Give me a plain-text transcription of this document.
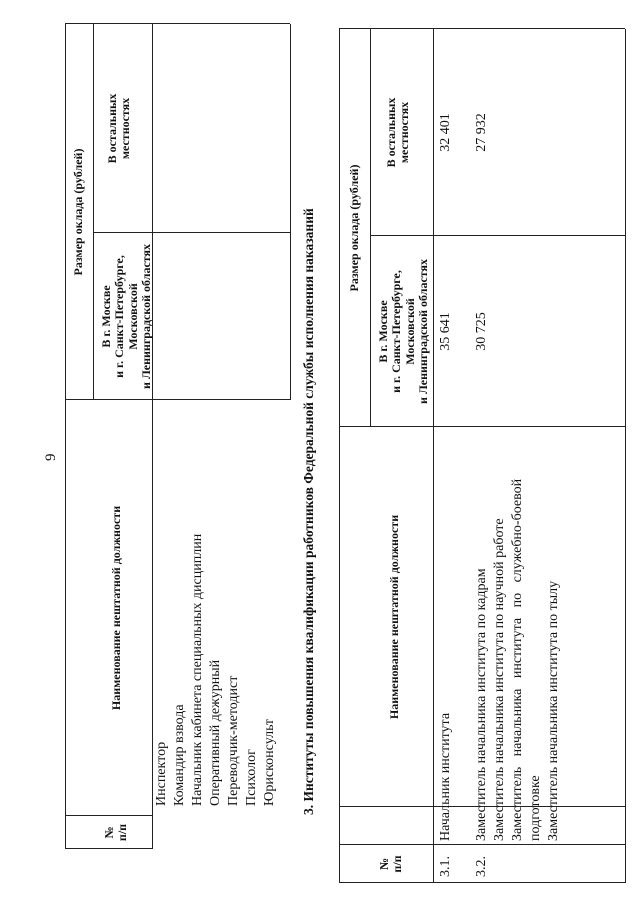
9
№
п/п
Наименование нештатной должности
Размер оклада (рублей)
В г. Москве
и г. Санкт-Петербурге,
Московской
и Ленинградской областях
В остальных
местностях
Инспектор Командир взвода Начальник кабинета специальных дисциплин Оперативный дежурный Переводчик-методист Психолог Юрисконсульт 3. Институты повышения квалификации работников Федеральной службы исполнения наказаний
№
п/п
Наименование нештатной должности
Размер оклада (рублей)
В г. Москве
и г. Санкт-Петербурге,
Московской
и Ленинградской областях
В остальных
местностях
3.1.
Начальник института
35 641
32 401
3.2.
Заместитель начальника института по кадрам Заместитель начальника института по научной работе Заместитель   начальника   института   по   служебно-боевой подготовке Заместитель начальника института по тылу
30 725
27 932
